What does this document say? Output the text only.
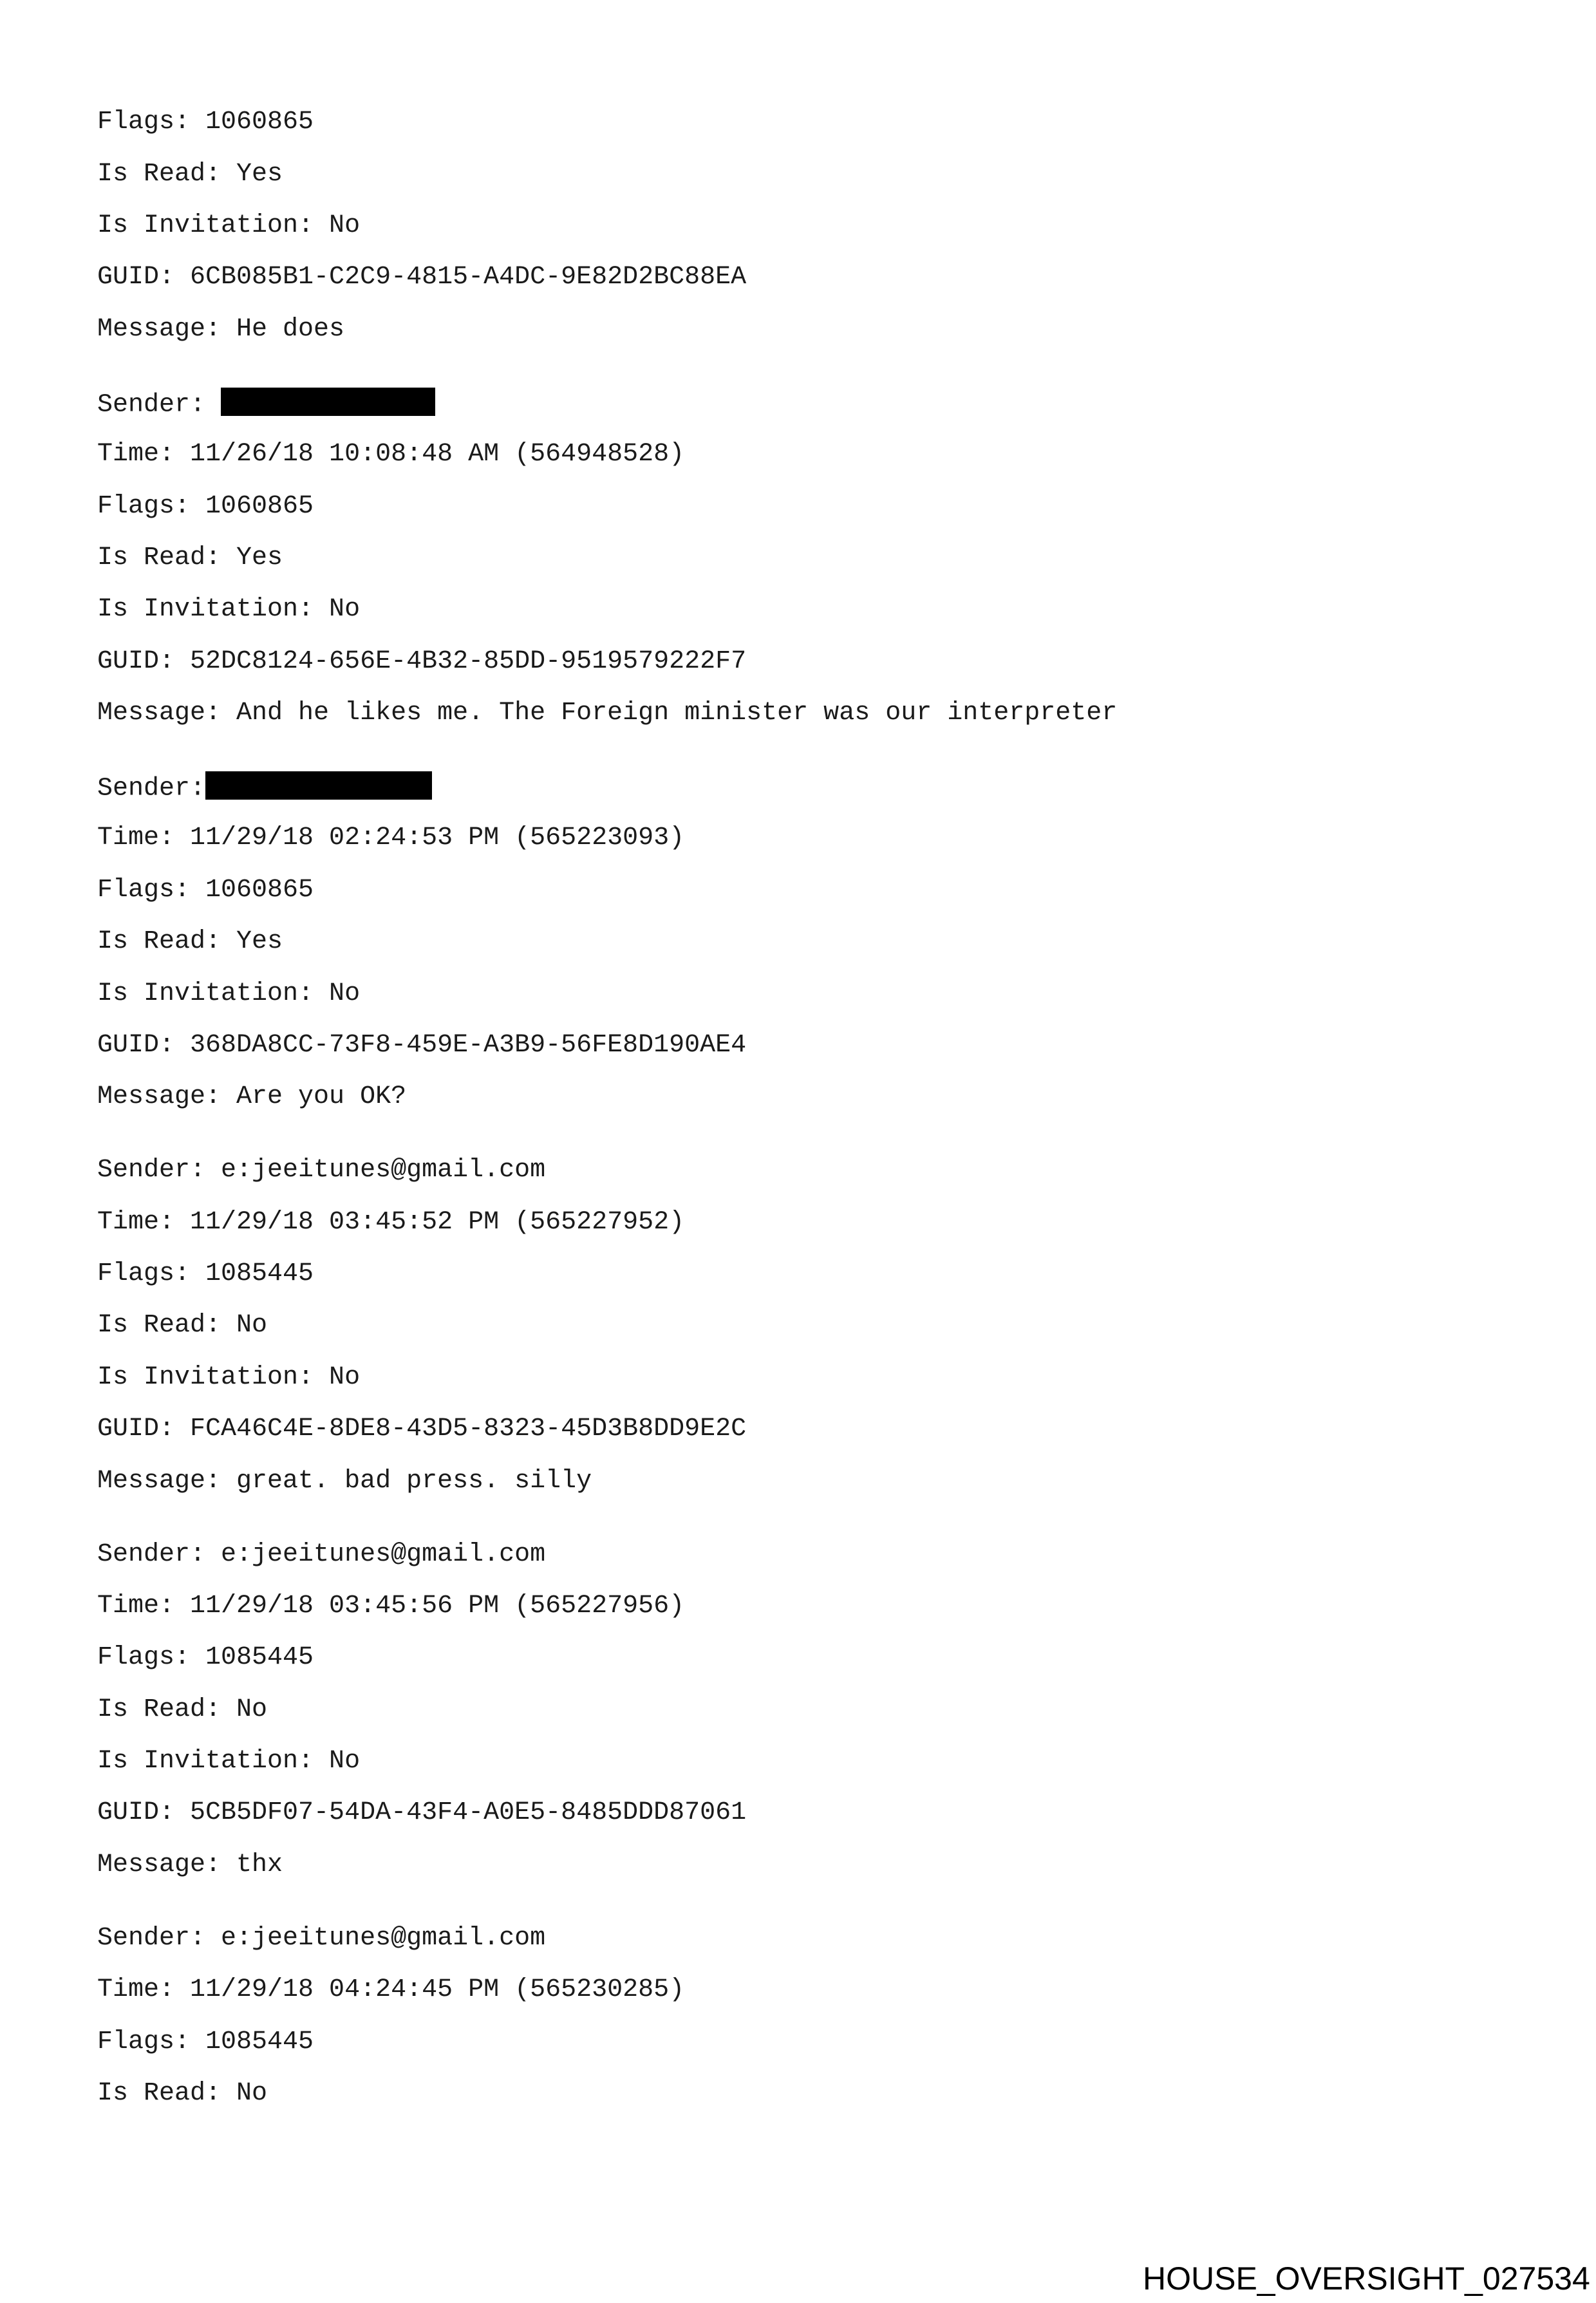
Flags: 1060865
Is Read: Yes
Is Invitation: No
GUID: 6CB085B1-C2C9-4815-A4DC-9E82D2BC88EA
Message: He does
Sender:
Time: 11/26/18 10:08:48 AM (564948528)
Flags: 1060865
Is Read: Yes
Is Invitation: No
GUID: 52DC8124-656E-4B32-85DD-9519579222F7
Message: And he likes me. The Foreign minister was our interpreter
Sender:
Time: 11/29/18 02:24:53 PM (565223093)
Flags: 1060865
Is Read: Yes
Is Invitation: No
GUID: 368DA8CC-73F8-459E-A3B9-56FE8D190AE4
Message: Are you OK?
Sender: e:jeeitunes@gmail.com
Time: 11/29/18 03:45:52 PM (565227952)
Flags: 1085445
Is Read: No
Is Invitation: No
GUID: FCA46C4E-8DE8-43D5-8323-45D3B8DD9E2C
Message: great. bad press. silly
Sender: e:jeeitunes@gmail.com
Time: 11/29/18 03:45:56 PM (565227956)
Flags: 1085445
Is Read: No
Is Invitation: No
GUID: 5CB5DF07-54DA-43F4-A0E5-8485DDD87061
Message: thx
Sender: e:jeeitunes@gmail.com
Time: 11/29/18 04:24:45 PM (565230285)
Flags: 1085445
Is Read: No
HOUSE_OVERSIGHT_027534
